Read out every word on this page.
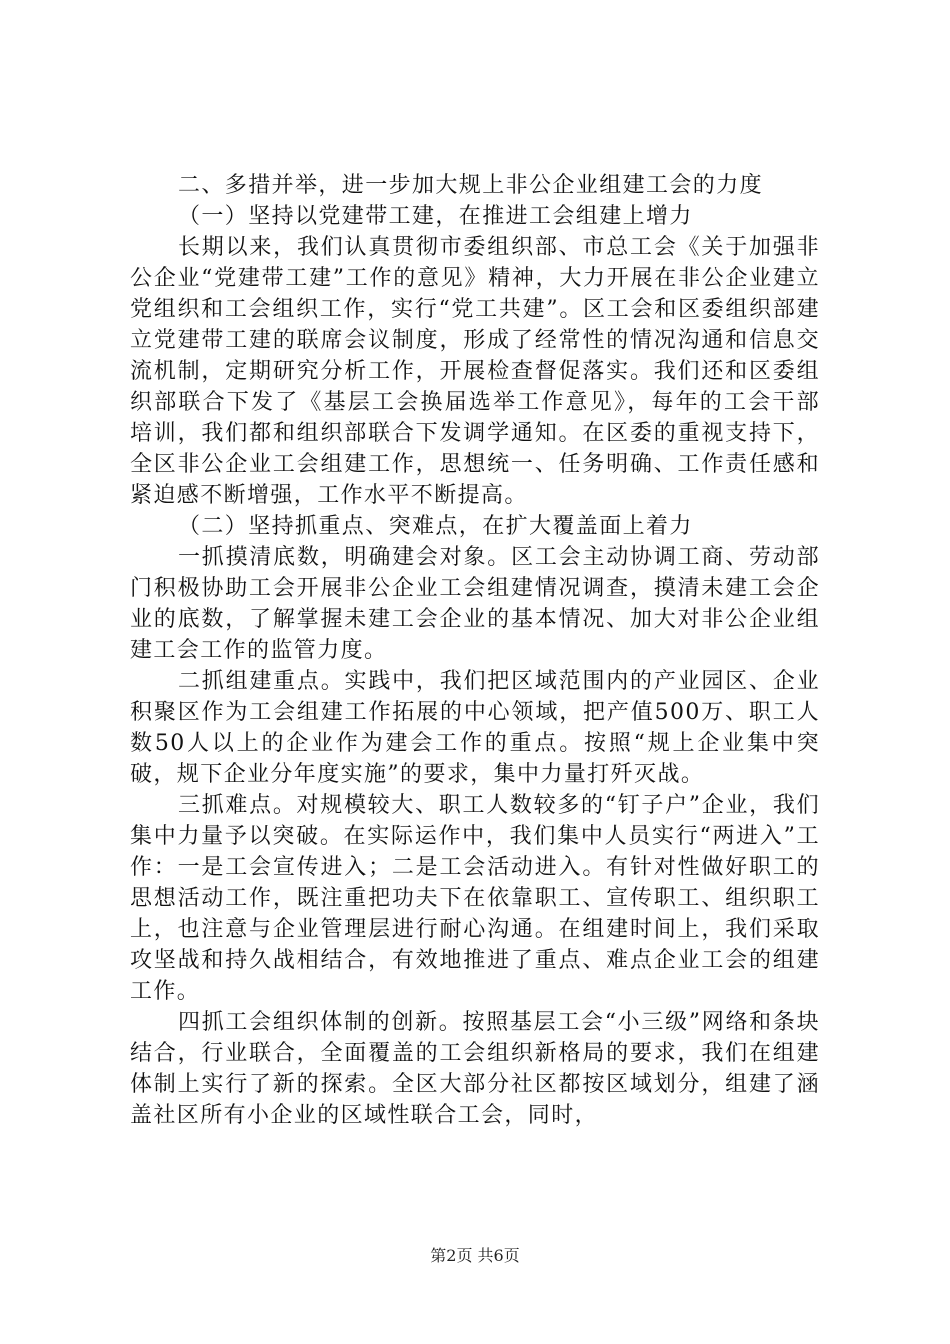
二、多措并举，进一步加大规上非公企业组建工会的力度

（一）坚持以党建带工建，在推进工会组建上增力

长期以来，我们认真贯彻市委组织部、市总工会《关于加强非公企业“党建带工建”工作的意见》精神，大力开展在非公企业建立党组织和工会组织工作，实行“党工共建”。区工会和区委组织部建立党建带工建的联席会议制度，形成了经常性的情况沟通和信息交流机制，定期研究分析工作，开展检查督促落实。我们还和区委组织部联合下发了《基层工会换届选举工作意见》，每年的工会干部培训，我们都和组织部联合下发调学通知。在区委的重视支持下，全区非公企业工会组建工作，思想统一、任务明确、工作责任感和紧迫感不断增强，工作水平不断提高。

（二）坚持抓重点、突难点，在扩大覆盖面上着力

一抓摸清底数，明确建会对象。区工会主动协调工商、劳动部门积极协助工会开展非公企业工会组建情况调查，摸清未建工会企业的底数，了解掌握未建工会企业的基本情况、加大对非公企业组建工会工作的监管力度。

二抓组建重点。实践中，我们把区域范围内的产业园区、企业积聚区作为工会组建工作拓展的中心领域，把产值500万、职工人数50人以上的企业作为建会工作的重点。按照“规上企业集中突破，规下企业分年度实施”的要求，集中力量打歼灭战。

三抓难点。对规模较大、职工人数较多的“钉子户”企业，我们集中力量予以突破。在实际运作中，我们集中人员实行“两进入”工作：一是工会宣传进入；二是工会活动进入。有针对性做好职工的思想活动工作，既注重把功夫下在依靠职工、宣传职工、组织职工上，也注意与企业管理层进行耐心沟通。在组建时间上，我们采取攻坚战和持久战相结合，有效地推进了重点、难点企业工会的组建工作。

四抓工会组织体制的创新。按照基层工会“小三级”网络和条块结合，行业联合，全面覆盖的工会组织新格局的要求，我们在组建体制上实行了新的探索。全区大部分社区都按区域划分，组建了涵盖社区所有小企业的区域性联合工会，同时，

第2页 共6页
